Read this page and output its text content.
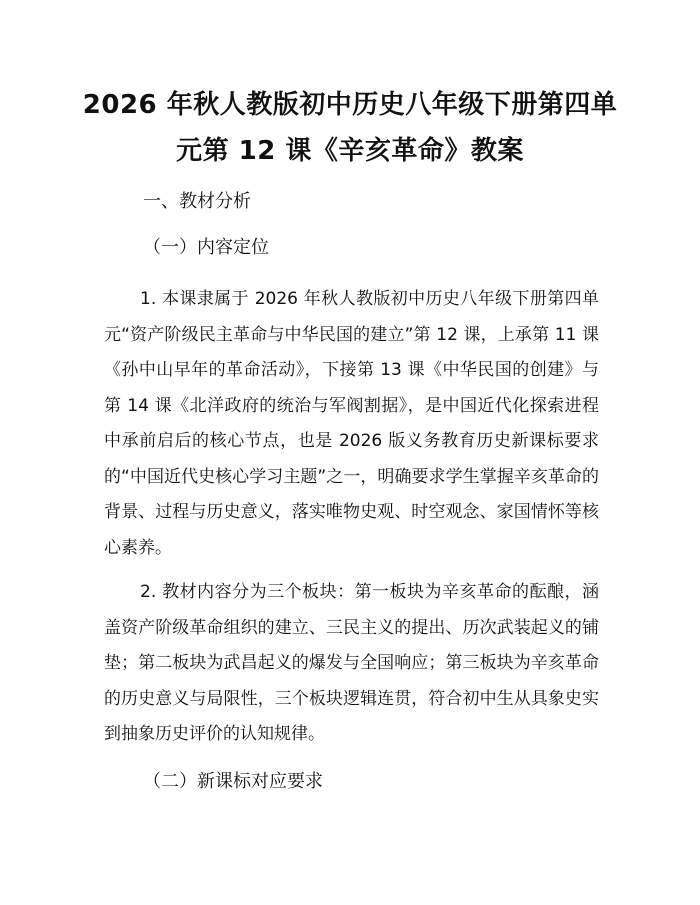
2026 年秋人教版初中历史八年级下册第四单元第 12 课《辛亥革命》教案

一、教材分析

（一）内容定位

1. 本课隶属于 2026 年秋人教版初中历史八年级下册第四单元“资产阶级民主革命与中华民国的建立”第 12 课，上承第 11 课《孙中山早年的革命活动》，下接第 13 课《中华民国的创建》与第 14 课《北洋政府的统治与军阀割据》，是中国近代化探索进程中承前启后的核心节点，也是 2026 版义务教育历史新课标要求的“中国近代史核心学习主题”之一，明确要求学生掌握辛亥革命的背景、过程与历史意义，落实唯物史观、时空观念、家国情怀等核心素养。

2. 教材内容分为三个板块：第一板块为辛亥革命的酝酿，涵盖资产阶级革命组织的建立、三民主义的提出、历次武装起义的铺垫；第二板块为武昌起义的爆发与全国响应；第三板块为辛亥革命的历史意义与局限性，三个板块逻辑连贯，符合初中生从具象史实到抽象历史评价的认知规律。

（二）新课标对应要求
